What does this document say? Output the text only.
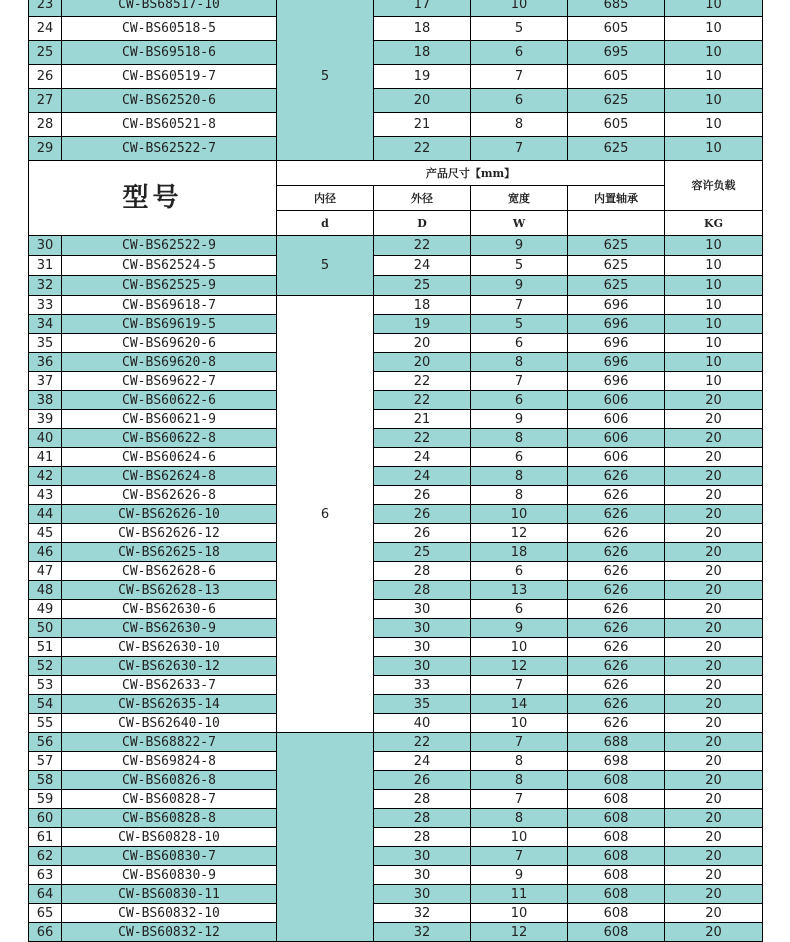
23	CW-BS68517-10	5	17	10	685	10
24	CW-BS60518-5		18	5	605	10
25	CW-BS69518-6		18	6	695	10
26	CW-BS60519-7		19	7	605	10
27	CW-BS62520-6		20	6	625	10
28	CW-BS60521-8		21	8	605	10
29	CW-BS62522-7		22	7	625	10
型号		产品尺寸【mm】				容许负载
		内径	外径	宽度	内置轴承	
		d	D	W		KG
30	CW-BS62522-9	5	22	9	625	10
31	CW-BS62524-5		24	5	625	10
32	CW-BS62525-9		25	9	625	10
33	CW-BS69618-7	6	18	7	696	10
34	CW-BS69619-5		19	5	696	10
35	CW-BS69620-6		20	6	696	10
36	CW-BS69620-8		20	8	696	10
37	CW-BS69622-7		22	7	696	10
38	CW-BS60622-6		22	6	606	20
39	CW-BS60621-9		21	9	606	20
40	CW-BS60622-8		22	8	606	20
41	CW-BS60624-6		24	6	606	20
42	CW-BS62624-8		24	8	626	20
43	CW-BS62626-8		26	8	626	20
44	CW-BS62626-10		26	10	626	20
45	CW-BS62626-12		26	12	626	20
46	CW-BS62625-18		25	18	626	20
47	CW-BS62628-6		28	6	626	20
48	CW-BS62628-13		28	13	626	20
49	CW-BS62630-6		30	6	626	20
50	CW-BS62630-9		30	9	626	20
51	CW-BS62630-10		30	10	626	20
52	CW-BS62630-12		30	12	626	20
53	CW-BS62633-7		33	7	626	20
54	CW-BS62635-14		35	14	626	20
55	CW-BS62640-10		40	10	626	20
56	CW-BS68822-7		22	7	688	20
57	CW-BS69824-8		24	8	698	20
58	CW-BS60826-8		26	8	608	20
59	CW-BS60828-7		28	7	608	20
60	CW-BS60828-8		28	8	608	20
61	CW-BS60828-10		28	10	608	20
62	CW-BS60830-7		30	7	608	20
63	CW-BS60830-9		30	9	608	20
64	CW-BS60830-11		30	11	608	20
65	CW-BS60832-10		32	10	608	20
66	CW-BS60832-12		32	12	608	20
